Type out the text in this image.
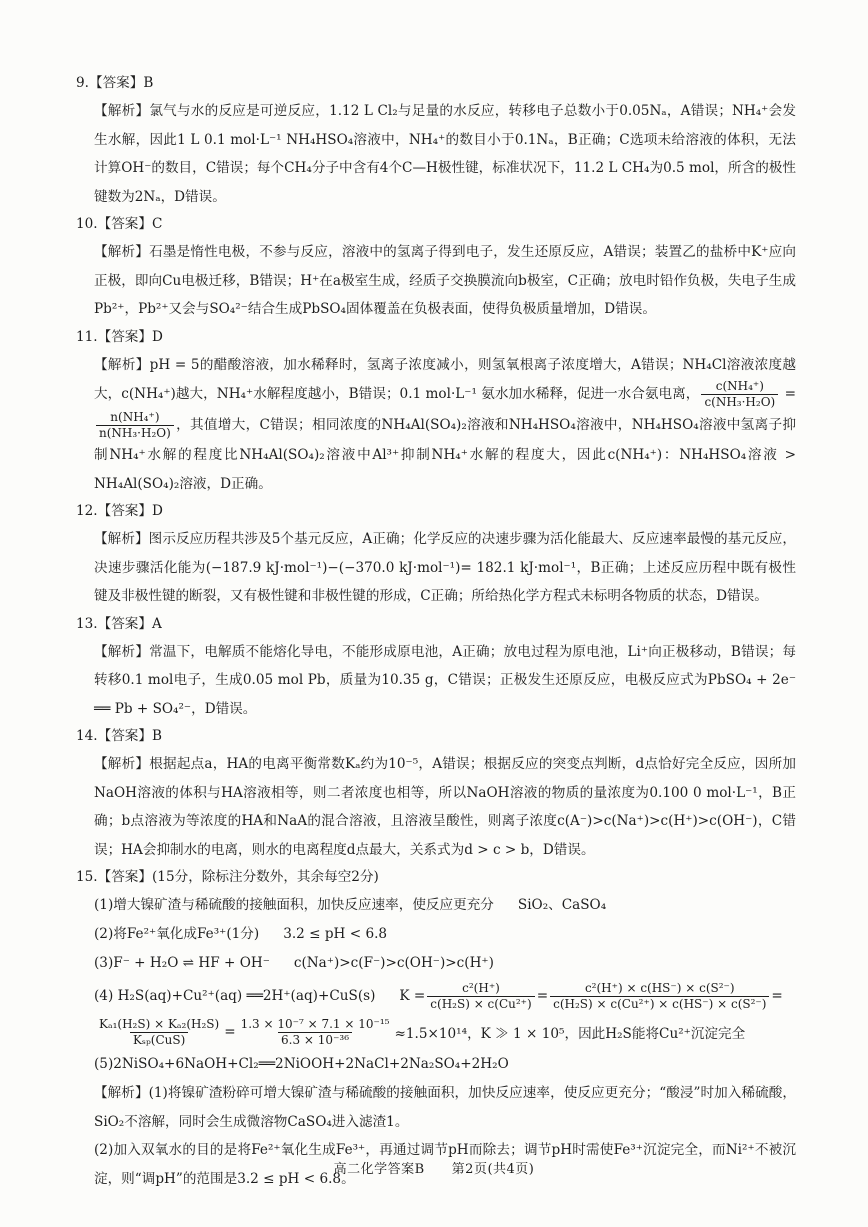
9.【答案】B

【解析】氯气与水的反应是可逆反应，1.12 L Cl₂与足量的水反应，转移电子总数小于0.05Nₐ，A错误；NH₄⁺会发生水解，因此1 L 0.1 mol·L⁻¹ NH₄HSO₄溶液中，NH₄⁺的数目小于0.1Nₐ，B正确；C选项未给溶液的体积，无法计算OH⁻的数目，C错误；每个CH₄分子中含有4个C—H极性键，标准状况下，11.2 L CH₄为0.5 mol，所含的极性键数为2Nₐ，D错误。

10.【答案】C

【解析】石墨是惰性电极，不参与反应，溶液中的氢离子得到电子，发生还原反应，A错误；装置乙的盐桥中K⁺应向正极，即向Cu电极迁移，B错误；H⁺在a极室生成，经质子交换膜流向b极室，C正确；放电时铅作负极，失电子生成Pb²⁺，Pb²⁺又会与SO₄²⁻结合生成PbSO₄固体覆盖在负极表面，使得负极质量增加，D错误。

11.【答案】D

【解析】pH = 5的醋酸溶液，加水稀释时，氢离子浓度减小，则氢氧根离子浓度增大，A错误；NH₄Cl溶液浓度越大，c(NH₄⁺)越大，NH₄⁺水解程度越小，B错误；0.1 mol·L⁻¹ 氨水加水稀释，促进一水合氨电离， $\frac{\text{c(NH₄⁺)}}{\text{c(NH₃·H₂O)}}$ =
$\frac{\text{n(NH₄⁺)}}{\text{n(NH₃·H₂O)}}$ ，其值增大，C错误；相同浓度的NH₄Al(SO₄)₂溶液和NH₄HSO₄溶液中，NH₄HSO₄溶液中氢离子抑制NH₄⁺水解的程度比NH₄Al(SO₄)₂溶液中Al³⁺抑制NH₄⁺水解的程度大，因此c(NH₄⁺)：NH₄HSO₄溶液 > NH₄Al(SO₄)₂溶液，D正确。

12.【答案】D

【解析】图示反应历程共涉及5个基元反应，A正确；化学反应的决速步骤为活化能最大、反应速率最慢的基元反应，决速步骤活化能为(−187.9 kJ·mol⁻¹)−(−370.0 kJ·mol⁻¹)= 182.1 kJ·mol⁻¹，B正确；上述反应历程中既有极性键及非极性键的断裂，又有极性键和非极性键的形成，C正确；所给热化学方程式未标明各物质的状态，D错误。

13.【答案】A

【解析】常温下，电解质不能熔化导电，不能形成原电池，A正确；放电过程为原电池，Li⁺向正极移动，B错误；每转移0.1 mol电子，生成0.05 mol Pb，质量为10.35 g，C错误；正极发生还原反应，电极反应式为PbSO₄ + 2e⁻ ══ Pb + SO₄²⁻，D错误。

14.【答案】B

【解析】根据起点a，HA的电离平衡常数Kₐ约为10⁻⁵，A错误；根据反应的突变点判断，d点恰好完全反应，因所加NaOH溶液的体积与HA溶液相等，则二者浓度也相等，所以NaOH溶液的物质的量浓度为0.100 0 mol·L⁻¹，B正确；b点溶液为等浓度的HA和NaA的混合溶液，且溶液呈酸性，则离子浓度c(A⁻)>c(Na⁺)>c(H⁺)>c(OH⁻)，C错误；HA会抑制水的电离，则水的电离程度d点最大，关系式为d > c > b，D错误。

15.【答案】(15分，除标注分数外，其余每空2分)
(1)增大镍矿渣与稀硫酸的接触面积，加快反应速率，使反应更充分 SiO₂、CaSO₄
(2)将Fe²⁺氧化成Fe³⁺(1分) 3.2 ≤ pH < 6.8
(3)F⁻ + H₂O ⇌ HF + OH⁻ c(Na⁺)>c(F⁻)>c(OH⁻)>c(H⁺)
(4) H₂S(aq)+Cu²⁺(aq) ══2H⁺(aq)+CuS(s) $K = \frac{\text{c²(H⁺)}}{\text{c(H₂S) × c(Cu²⁺)}} = \frac{\text{c²(H⁺) × c(HS⁻) × c(S²⁻)}}{\text{c(H₂S) × c(Cu²⁺) × c(HS⁻) × c(S²⁻)}}$ =
$\frac{\text{Kₐ₁(H₂S) × Kₐ₂(H₂S)}}{\text{Kₛₚ(CuS)}} = \frac{\text{1.3 × 10⁻⁷ × 7.1 × 10⁻¹⁵}}{\text{6.3 × 10⁻³⁶}} \approx 1.5\times 10^{14}$，K ≫ 1 × 10⁵，因此H₂S能将Cu²⁺沉淀完全
(5)2NiSO₄+6NaOH+Cl₂══2NiOOH+2NaCl+2Na₂SO₄+2H₂O

【解析】(1)将镍矿渣粉碎可增大镍矿渣与稀硫酸的接触面积，加快反应速率，使反应更充分；“酸浸”时加入稀硫酸，SiO₂不溶解，同时会生成微溶物CaSO₄进入滤渣1。

(2)加入双氧水的目的是将Fe²⁺氧化生成Fe³⁺，再通过调节pH而除去；调节pH时需使Fe³⁺沉淀完全，而Ni²⁺不被沉淀，则“调pH”的范围是3.2 ≤ pH < 6.8。

高二化学答案B　　第2页(共4页)
